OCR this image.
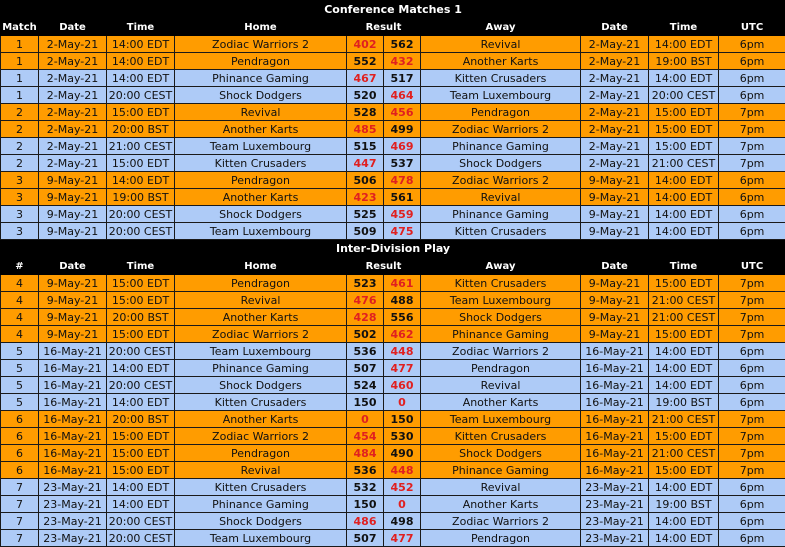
Conference Matches 1									
Match	Date	Time	Home	Result		Away	Date	Time	UTC
1	2-May-21	14:00 EDT	Zodiac Warriors 2	402	562	Revival	2-May-21	14:00 EDT	6pm
1	2-May-21	14:00 EDT	Pendragon	552	432	Another Karts	2-May-21	19:00 BST	6pm
1	2-May-21	14:00 EDT	Phinance Gaming	467	517	Kitten Crusaders	2-May-21	14:00 EDT	6pm
1	2-May-21	20:00 CEST	Shock Dodgers	520	464	Team Luxembourg	2-May-21	20:00 CEST	6pm
2	2-May-21	15:00 EDT	Revival	528	456	Pendragon	2-May-21	15:00 EDT	7pm
2	2-May-21	20:00 BST	Another Karts	485	499	Zodiac Warriors 2	2-May-21	15:00 EDT	7pm
2	2-May-21	21:00 CEST	Team Luxembourg	515	469	Phinance Gaming	2-May-21	15:00 EDT	7pm
2	2-May-21	15:00 EDT	Kitten Crusaders	447	537	Shock Dodgers	2-May-21	21:00 CEST	7pm
3	9-May-21	14:00 EDT	Pendragon	506	478	Zodiac Warriors 2	9-May-21	14:00 EDT	6pm
3	9-May-21	19:00 BST	Another Karts	423	561	Revival	9-May-21	14:00 EDT	6pm
3	9-May-21	20:00 CEST	Shock Dodgers	525	459	Phinance Gaming	9-May-21	14:00 EDT	6pm
3	9-May-21	20:00 CEST	Team Luxembourg	509	475	Kitten Crusaders	9-May-21	14:00 EDT	6pm
Inter-Division Play									
#	Date	Time	Home	Result		Away	Date	Time	UTC
4	9-May-21	15:00 EDT	Pendragon	523	461	Kitten Crusaders	9-May-21	15:00 EDT	7pm
4	9-May-21	15:00 EDT	Revival	476	488	Team Luxembourg	9-May-21	21:00 CEST	7pm
4	9-May-21	20:00 BST	Another Karts	428	556	Shock Dodgers	9-May-21	21:00 CEST	7pm
4	9-May-21	15:00 EDT	Zodiac Warriors 2	502	462	Phinance Gaming	9-May-21	15:00 EDT	7pm
5	16-May-21	20:00 CEST	Team Luxembourg	536	448	Zodiac Warriors 2	16-May-21	14:00 EDT	6pm
5	16-May-21	14:00 EDT	Phinance Gaming	507	477	Pendragon	16-May-21	14:00 EDT	6pm
5	16-May-21	20:00 CEST	Shock Dodgers	524	460	Revival	16-May-21	14:00 EDT	6pm
5	16-May-21	14:00 EDT	Kitten Crusaders	150	0	Another Karts	16-May-21	19:00 BST	6pm
6	16-May-21	20:00 BST	Another Karts	0	150	Team Luxembourg	16-May-21	21:00 CEST	7pm
6	16-May-21	15:00 EDT	Zodiac Warriors 2	454	530	Kitten Crusaders	16-May-21	15:00 EDT	7pm
6	16-May-21	15:00 EDT	Pendragon	484	490	Shock Dodgers	16-May-21	21:00 CEST	7pm
6	16-May-21	15:00 EDT	Revival	536	448	Phinance Gaming	16-May-21	15:00 EDT	7pm
7	23-May-21	14:00 EDT	Kitten Crusaders	532	452	Revival	23-May-21	14:00 EDT	6pm
7	23-May-21	14:00 EDT	Phinance Gaming	150	0	Another Karts	23-May-21	19:00 BST	6pm
7	23-May-21	20:00 CEST	Shock Dodgers	486	498	Zodiac Warriors 2	23-May-21	14:00 EDT	6pm
7	23-May-21	20:00 CEST	Team Luxembourg	507	477	Pendragon	23-May-21	14:00 EDT	6pm
